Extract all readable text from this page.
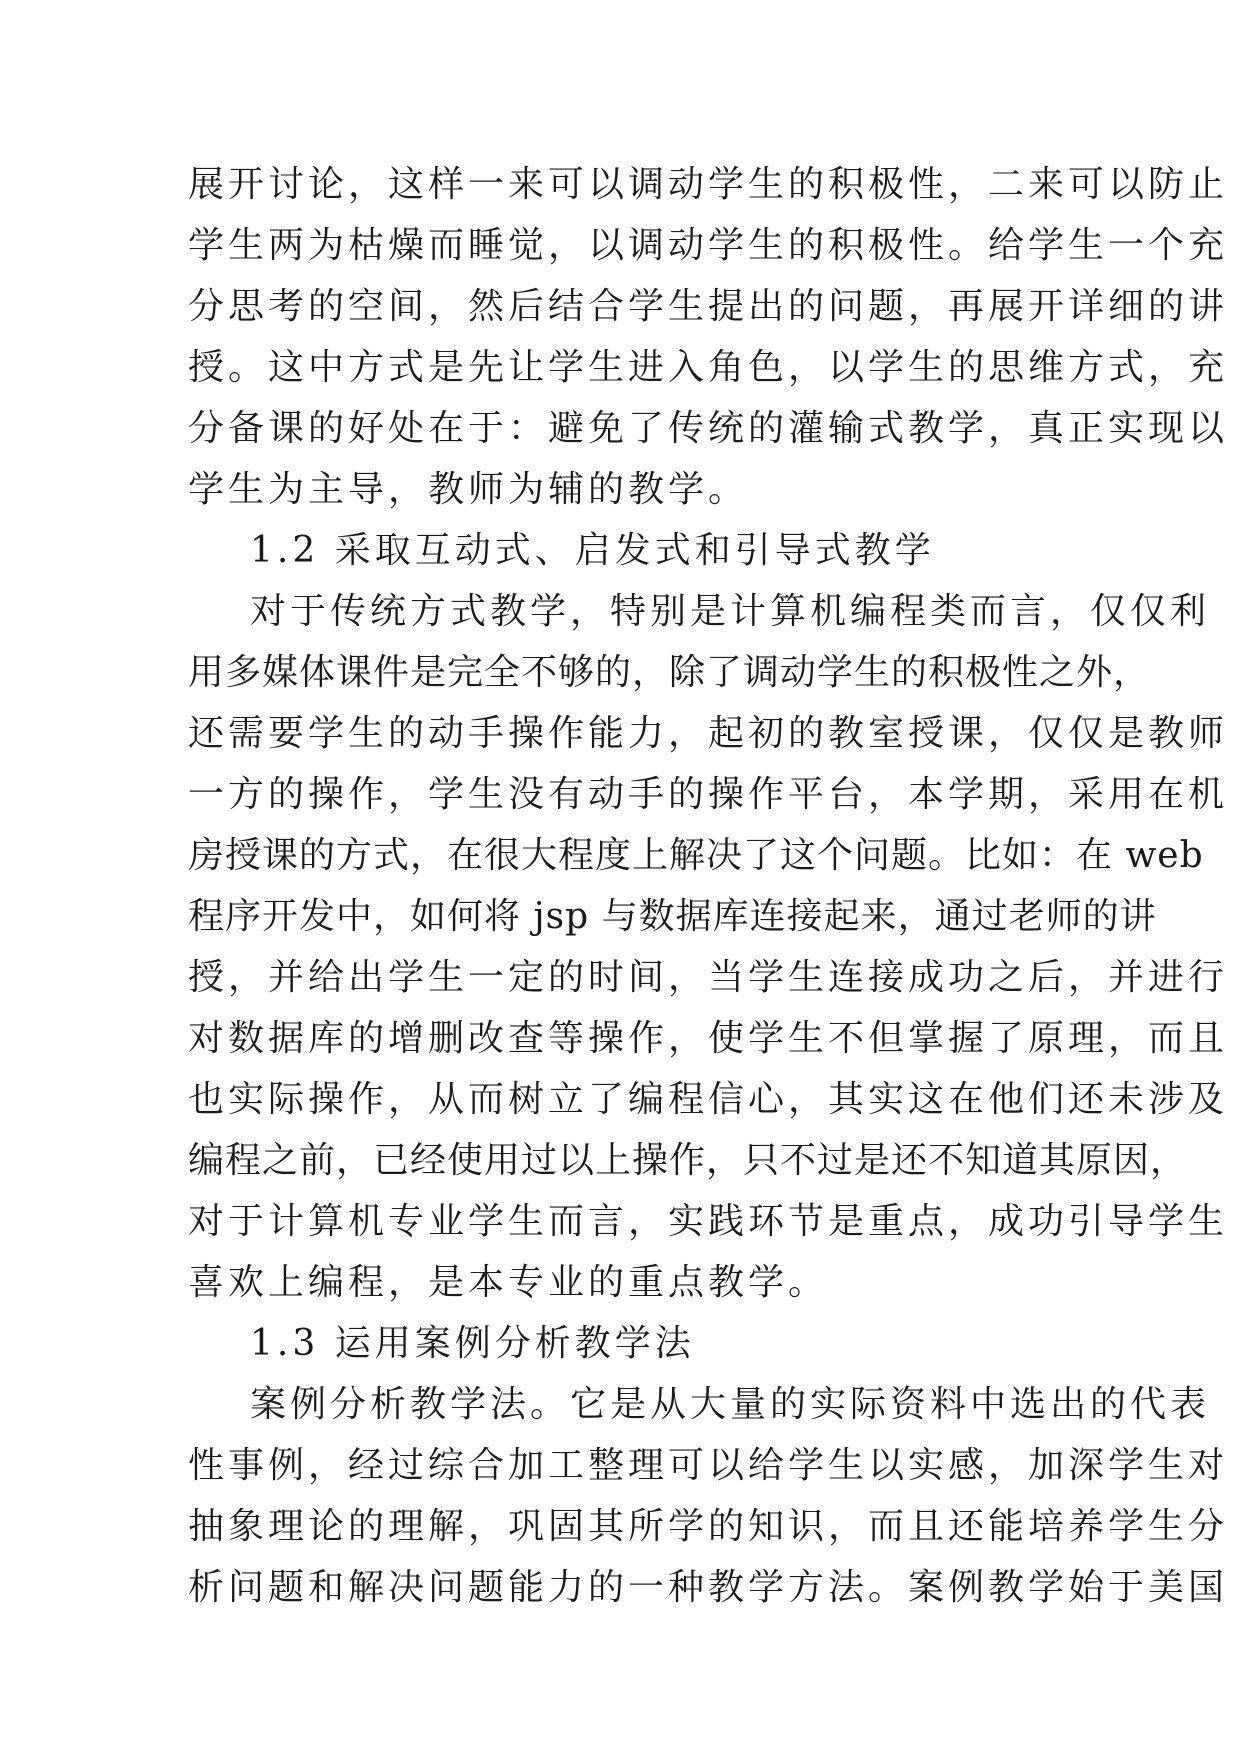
展开讨论，这样一来可以调动学生的积极性，二来可以防止
学生两为枯燥而睡觉，以调动学生的积极性。给学生一个充
分思考的空间，然后结合学生提出的问题，再展开详细的讲
授。这中方式是先让学生进入角色，以学生的思维方式，充
分备课的好处在于：避免了传统的灌输式教学，真正实现以
学生为主导，教师为辅的教学。
1.2 采取互动式、启发式和引导式教学
对于传统方式教学，特别是计算机编程类而言，仅仅利
用多媒体课件是完全不够的，除了调动学生的积极性之外，
还需要学生的动手操作能力，起初的教室授课，仅仅是教师
一方的操作，学生没有动手的操作平台，本学期，采用在机
房授课的方式，在很大程度上解决了这个问题。比如：在 web
程序开发中，如何将 jsp 与数据库连接起来，通过老师的讲
授，并给出学生一定的时间，当学生连接成功之后，并进行
对数据库的增删改查等操作，使学生不但掌握了原理，而且
也实际操作，从而树立了编程信心，其实这在他们还未涉及
编程之前，已经使用过以上操作，只不过是还不知道其原因，
对于计算机专业学生而言，实践环节是重点，成功引导学生
喜欢上编程，是本专业的重点教学。
1.3 运用案例分析教学法
案例分析教学法。它是从大量的实际资料中选出的代表
性事例，经过综合加工整理可以给学生以实感，加深学生对
抽象理论的理解，巩固其所学的知识，而且还能培养学生分
析问题和解决问题能力的一种教学方法。案例教学始于美国
